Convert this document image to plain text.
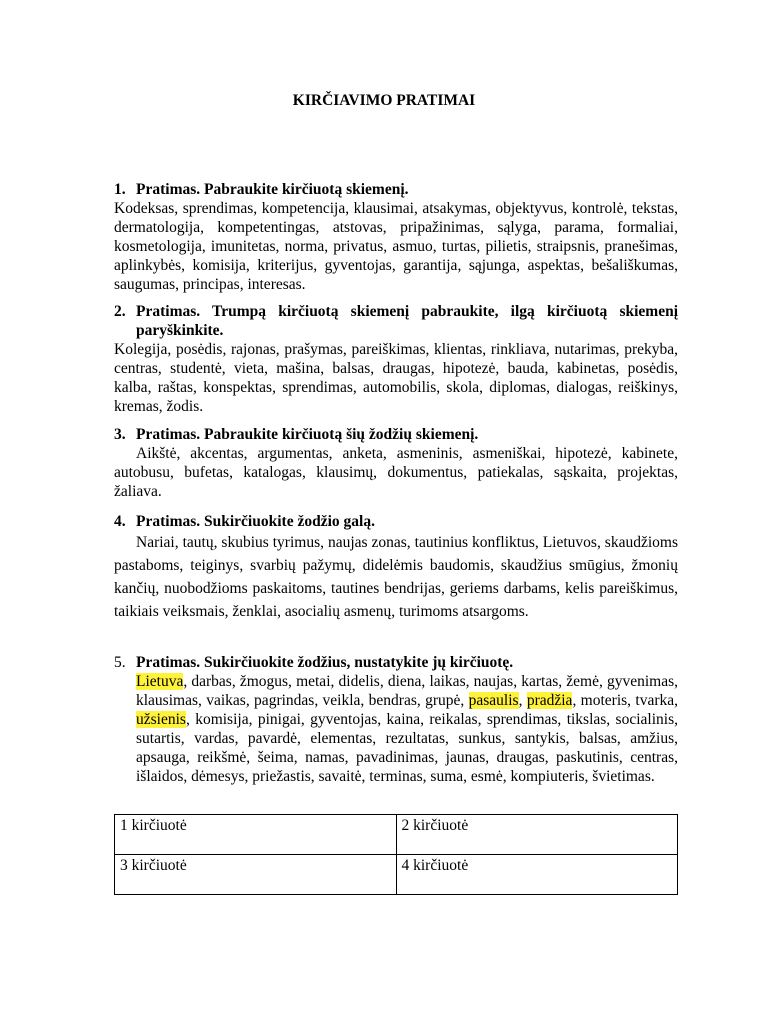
KIRČIAVIMO PRATIMAI
1. Pratimas. Pabraukite kirčiuotą skiemenį.
Kodeksas, sprendimas, kompetencija, klausimai, atsakymas, objektyvus, kontrolė, tekstas, dermatologija, kompetentingas, atstovas, pripažinimas, sąlyga, parama, formaliai, kosmetologija, imunitetas, norma, privatus, asmuo, turtas, pilietis, straipsnis, pranešimas, aplinkybės, komisija, kriterijus, gyventojas, garantija, sąjunga, aspektas, bešališkumas, saugumas, principas, interesas.
2. Pratimas. Trumpą kirčiuotą skiemenį pabraukite, ilgą kirčiuotą skiemenį paryškinkite.
Kolegija, posėdis, rajonas, prašymas, pareiškimas, klientas, rinkliava, nutarimas, prekyba, centras, studentė, vieta, mašina, balsas, draugas, hipotezė, bauda, kabinetas, posėdis, kalba, raštas, konspektas, sprendimas, automobilis, skola, diplomas, dialogas, reiškinys, kremas, žodis.
3. Pratimas. Pabraukite kirčiuotą šių žodžių skiemenį.
Aikštė, akcentas, argumentas, anketa, asmeninis, asmeniškai, hipotezė, kabinete, autobusu, bufetas, katalogas, klausimų, dokumentus, patiekalas, sąskaita, projektas, žaliava.
4. Pratimas. Sukirčiuokite žodžio galą.
Nariai, tautų, skubius tyrimus, naujas zonas, tautinius konfliktus, Lietuvos, skaudžioms pastaboms, teiginys, svarbių pažymų, didelėmis baudomis, skaudžius smūgius, žmonių kančių, nuobodžioms paskaitoms, tautines bendrijas, geriems darbams, kelis pareiškimus, taikiais veiksmais, ženklai, asocialių asmenų, turimoms atsargoms.
5. Pratimas. Sukirčiuokite žodžius, nustatykite jų kirčiuotę.
Lietuva, darbas, žmogus, metai, didelis, diena, laikas, naujas, kartas, žemė, gyvenimas, klausimas, vaikas, pagrindas, veikla, bendras, grupė, pasaulis, pradžia, moteris, tvarka, užsienis, komisija, pinigai, gyventojas, kaina, reikalas, sprendimas, tikslas, socialinis, sutartis, vardas, pavardė, elementas, rezultatas, sunkus, santykis, balsas, amžius, apsauga, reikšmė, šeima, namas, pavadinimas, jaunas, draugas, paskutinis, centras, išlaidos, dėmesys, priežastis, savaitė, terminas, suma, esmė, kompiuteris, švietimas.
1 kirčiuotė	2 kirčiuotė
3 kirčiuotė	4 kirčiuotė
